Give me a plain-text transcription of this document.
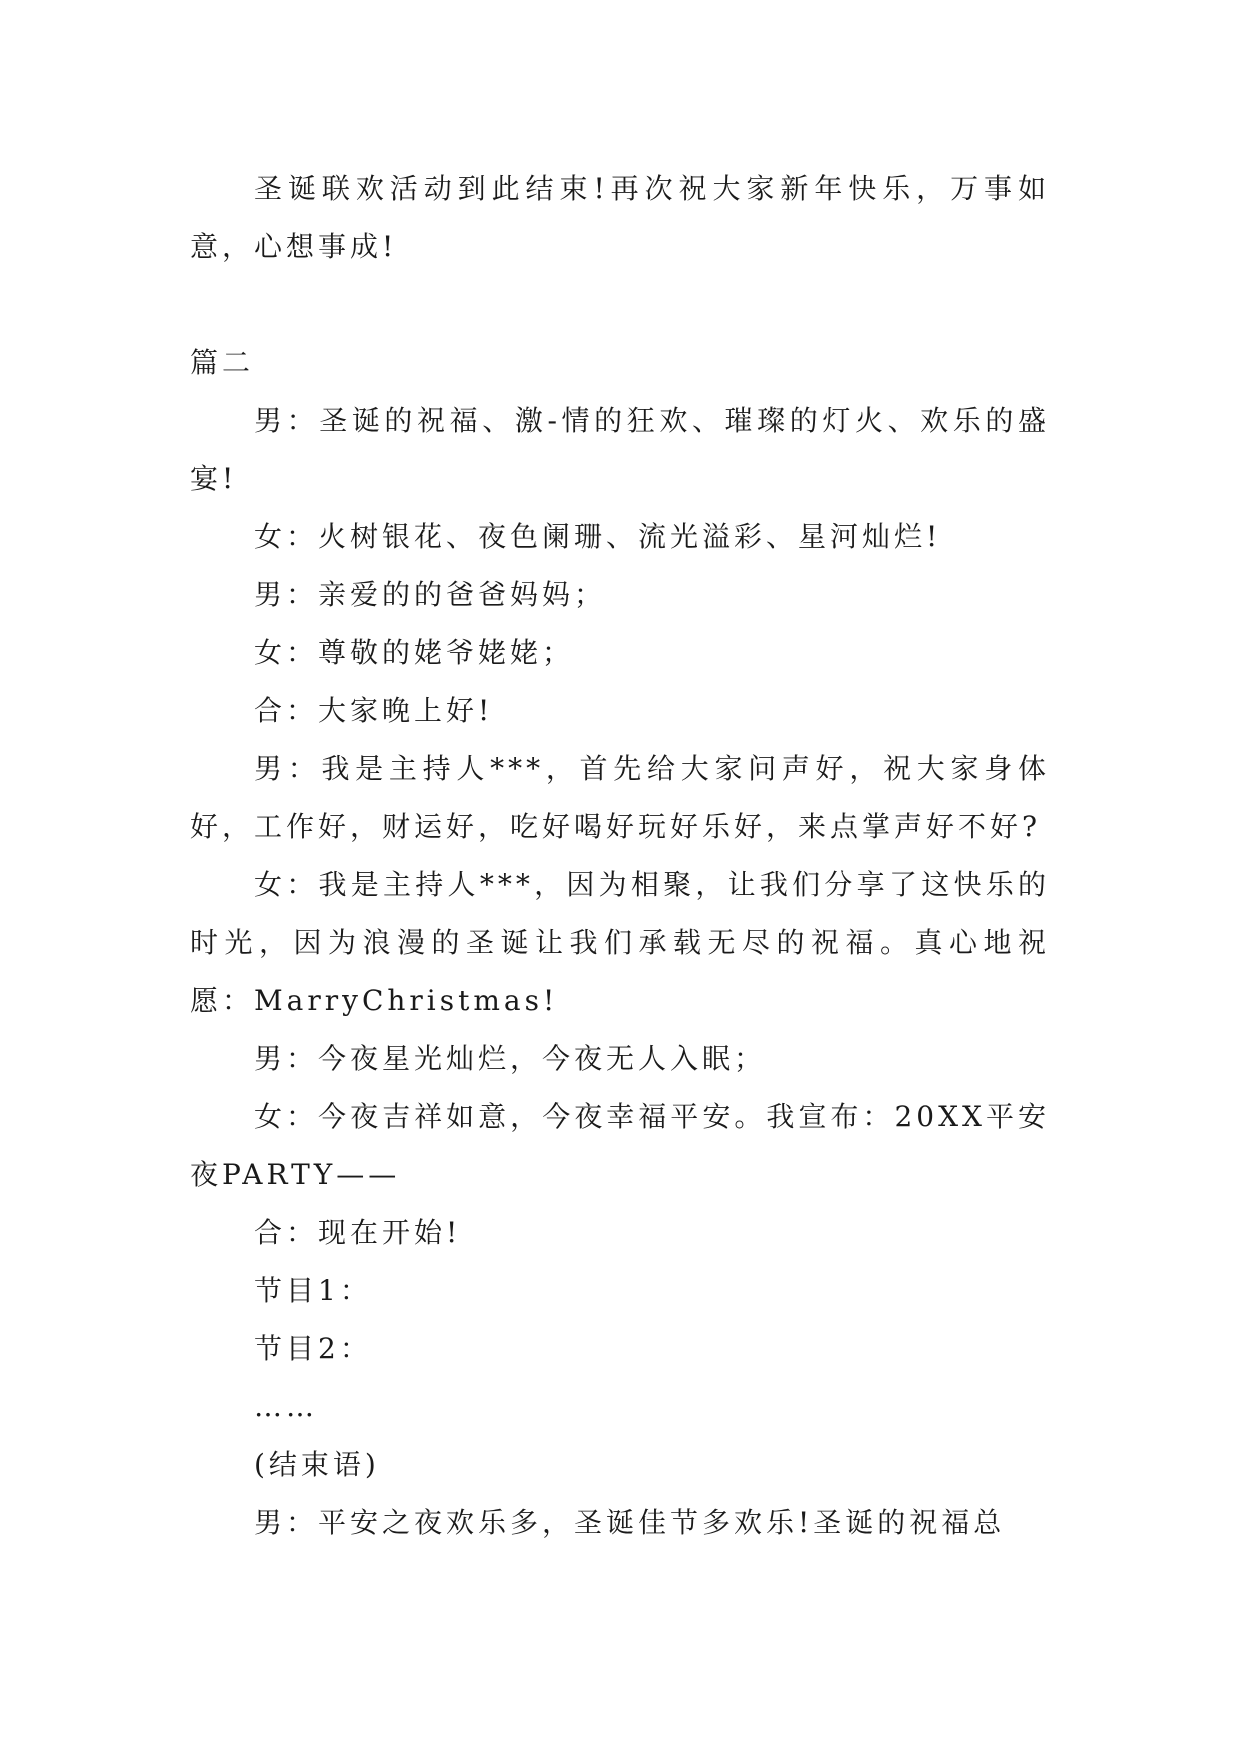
圣诞联欢活动到此结束!再次祝大家新年快乐，万事如意，心想事成!

篇二

男：圣诞的祝福、激-情的狂欢、璀璨的灯火、欢乐的盛宴!

女：火树银花、夜色阑珊、流光溢彩、星河灿烂!

男：亲爱的的爸爸妈妈；

女：尊敬的姥爷姥姥；

合：大家晚上好!

男：我是主持人***，首先给大家问声好，祝大家身体好，工作好，财运好，吃好喝好玩好乐好，来点掌声好不好?

女：我是主持人***，因为相聚，让我们分享了这快乐的时光，因为浪漫的圣诞让我们承载无尽的祝福。真心地祝愿：MarryChristmas!

男：今夜星光灿烂，今夜无人入眠；

女：今夜吉祥如意，今夜幸福平安。我宣布：20XX平安夜PARTY——

合：现在开始!

节目1：

节目2：

……

(结束语)

男：平安之夜欢乐多，圣诞佳节多欢乐!圣诞的祝福总
